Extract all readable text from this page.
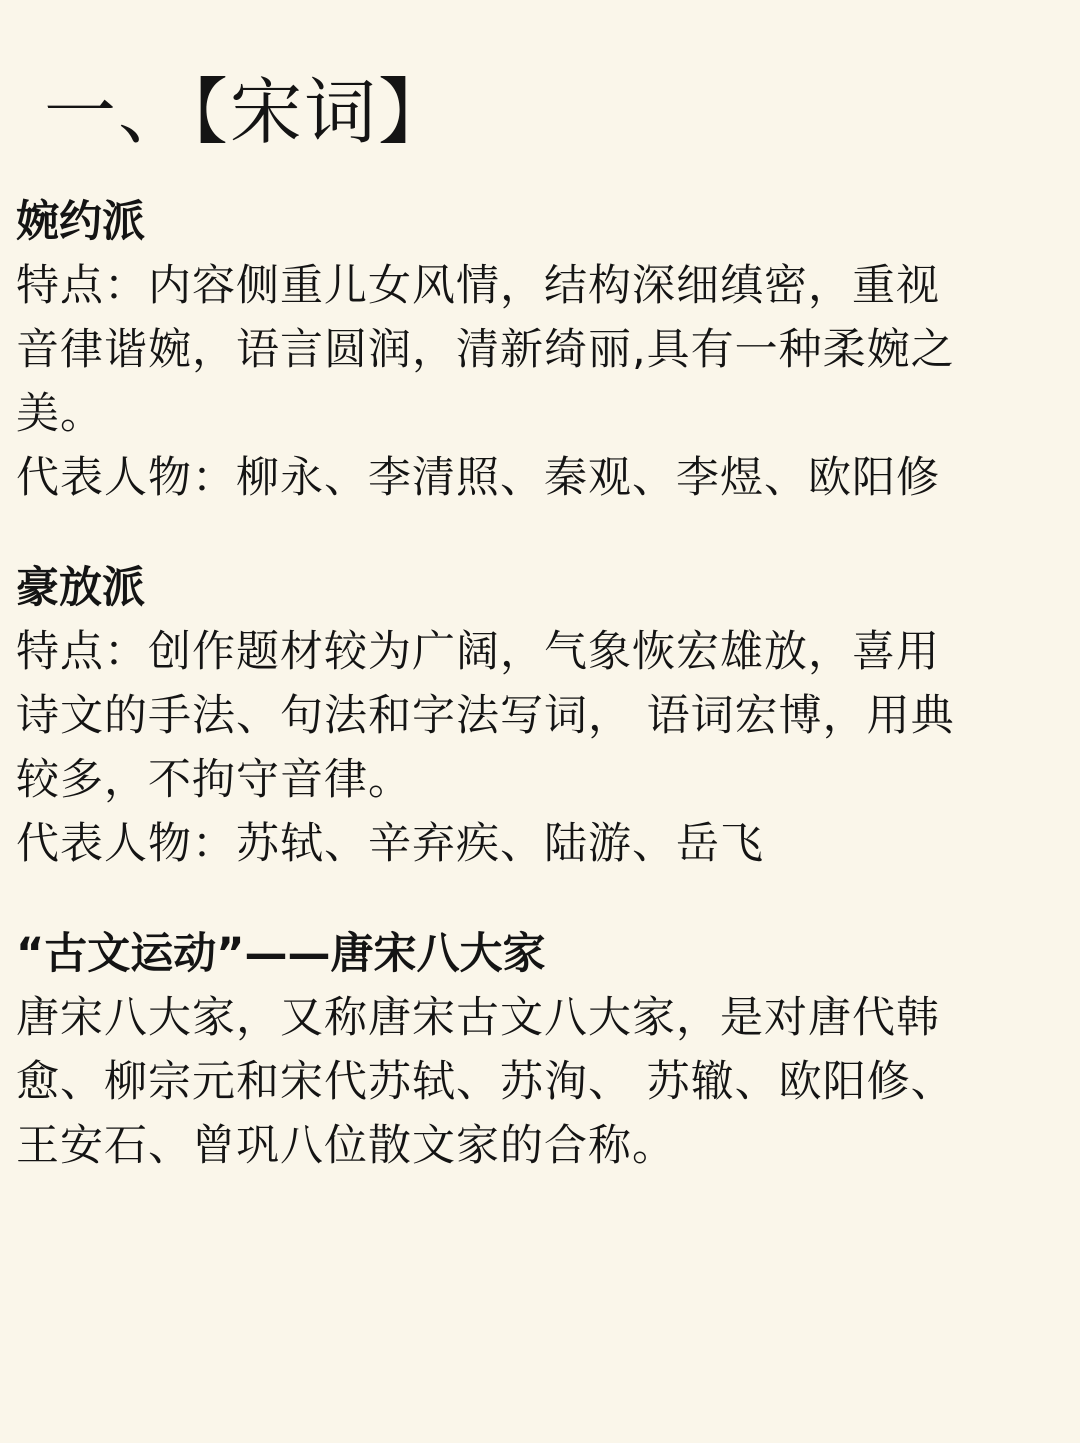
一、【宋词】

婉约派

特点：内容侧重儿女风情，结构深细缜密，重视
音律谐婉，语言圆润，清新绮丽,具有一种柔婉之
美。

代表人物：柳永、李清照、秦观、李煜、欧阳修

豪放派

特点：创作题材较为广阔，气象恢宏雄放，喜用
诗文的手法、句法和字法写词， 语词宏博，用典
较多，不拘守音律。

代表人物：苏轼、辛弃疾、陆游、岳飞

“古文运动”——唐宋八大家

唐宋八大家，又称唐宋古文八大家，是对唐代韩
愈、柳宗元和宋代苏轼、苏洵、 苏辙、欧阳修、
王安石、曾巩八位散文家的合称。
